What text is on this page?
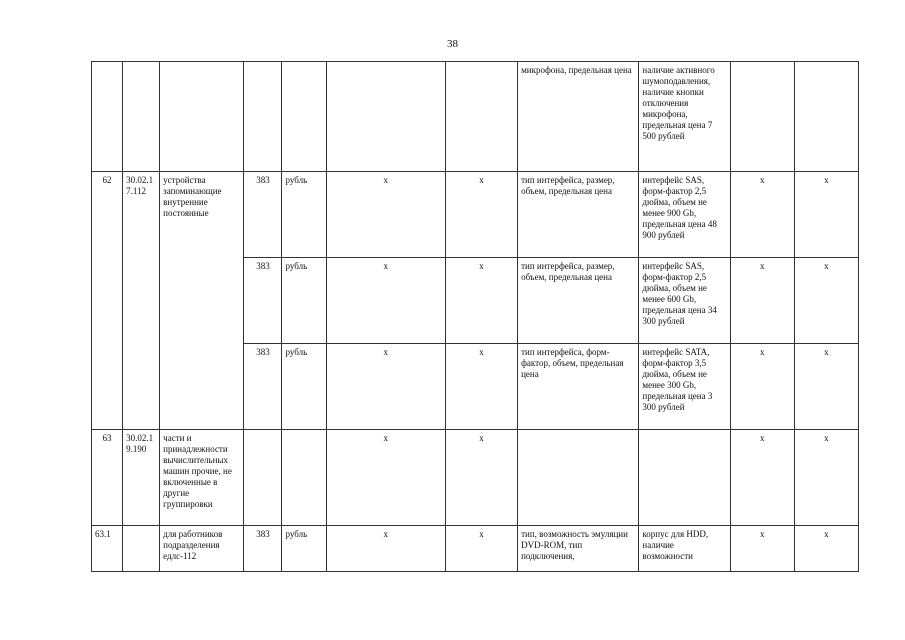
38
							микрофона, предельная цена	наличие активного шумоподавления, наличие кнопки отключения микрофона, предельная цена 7 500 рублей		
62	30.02.17.112	устройства запоминающие внутренние постоянные	383	рубль	x	x	тип интерфейса, размер, объем, предельная цена	интерфейс SAS, форм-фактор 2,5 дюйма, объем не менее 900 Gb, предельная цена 48 900 рублей	x	x
			383	рубль	x	x	тип интерфейса, размер, объем, предельная цена	интерфейс SAS, форм-фактор 2,5 дюйма, объем не менее 600 Gb, предельная цена 34 300 рублей	x	x
			383	рубль	x	x	тип интерфейса, форм-фактор, объем, предельная цена	интерфейс SATA, форм-фактор 3,5 дюйма, объем не менее 300 Gb, предельная цена 3 300 рублей	x	x
63	30.02.19.190	части и принадлежности вычислительных машин прочие, не включенные в другие группировки			x	x			x	x
63.1		для работников подразделения едлс-112	383	рубль	x	x	тип, возможность эмуляции DVD-ROM, тип подключения,	корпус для HDD, наличие возможности	x	x
